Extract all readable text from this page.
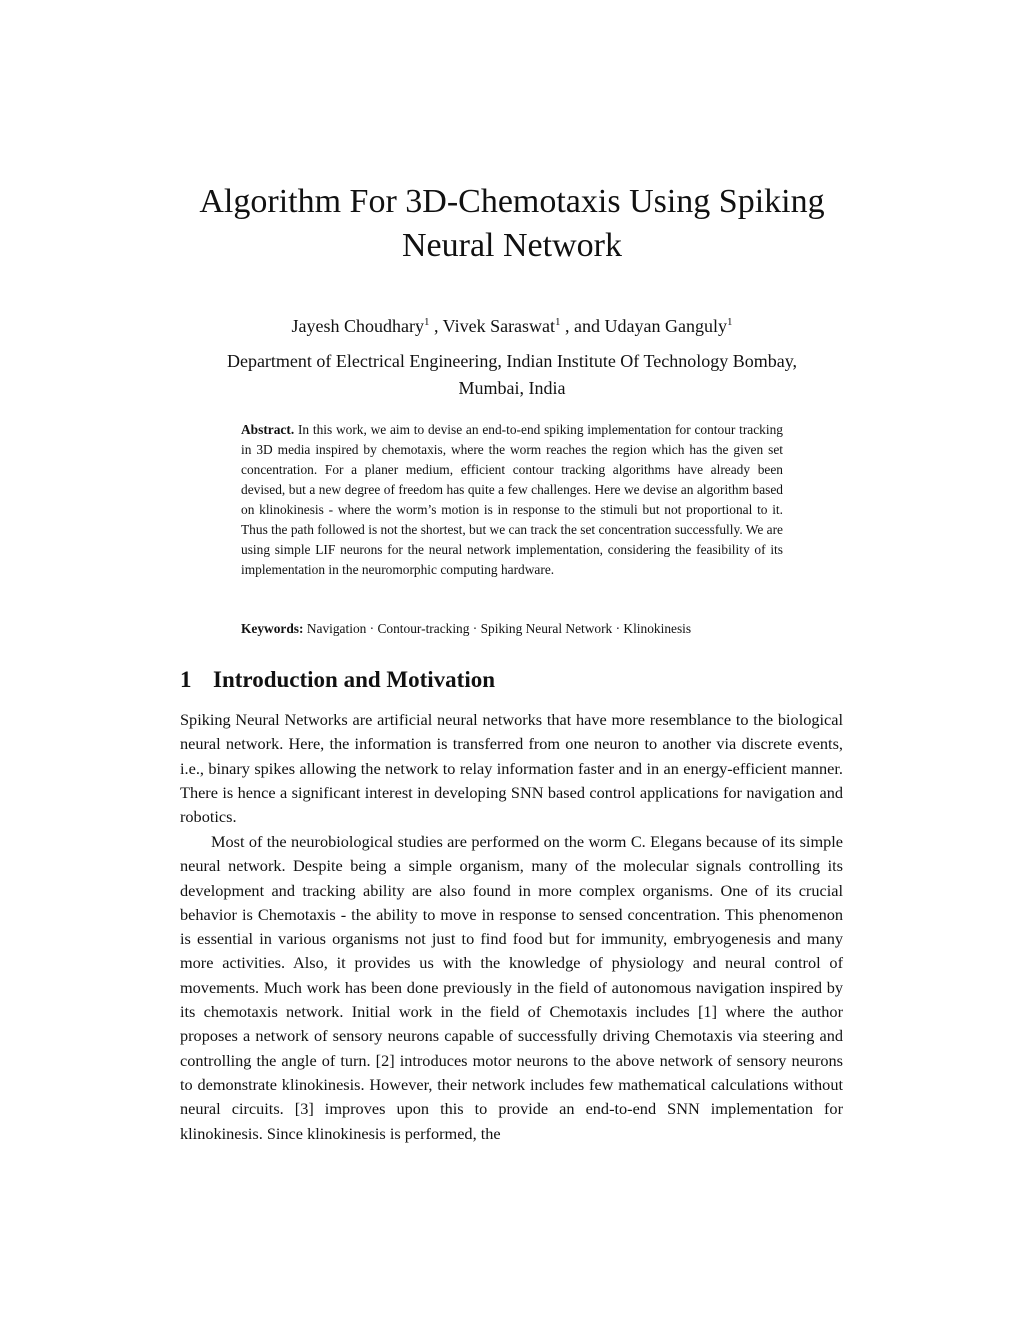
Algorithm For 3D-Chemotaxis Using Spiking
Neural Network
Jayesh Choudhary$^1$ , Vivek Saraswat$^1$ , and Udayan Ganguly$^1$
Department of Electrical Engineering, Indian Institute Of Technology Bombay,
Mumbai, India

Abstract. In this work, we aim to devise an end-to-end spiking implementation for contour tracking in 3D media inspired by chemotaxis, where the worm reaches the region which has the given set concentration. For a planer medium, efficient contour tracking algorithms have already been devised, but a new degree of freedom has quite a few challenges. Here we devise an algorithm based on klinokinesis - where the worm’s motion is in response to the stimuli but not proportional to it. Thus the path followed is not the shortest, but we can track the set concentration successfully. We are using simple LIF neurons for the neural network implementation, considering the feasibility of its implementation in the neuromorphic computing hardware.

Keywords: Navigation · Contour-tracking · Spiking Neural Network · Klinokinesis

1 Introduction and Motivation

Spiking Neural Networks are artificial neural networks that have more resemblance to the biological neural network. Here, the information is transferred from one neuron to another via discrete events, i.e., binary spikes allowing the network to relay information faster and in an energy-efficient manner. There is hence a significant interest in developing SNN based control applications for navigation and robotics.

Most of the neurobiological studies are performed on the worm C. Elegans because of its simple neural network. Despite being a simple organism, many of the molecular signals controlling its development and tracking ability are also found in more complex organisms. One of its crucial behavior is Chemotaxis - the ability to move in response to sensed concentration. This phenomenon is essential in various organisms not just to find food but for immunity, embryogenesis and many more activities. Also, it provides us with the knowledge of physiology and neural control of movements. Much work has been done previously in the field of autonomous navigation inspired by its chemotaxis network. Initial work in the field of Chemotaxis includes [1] where the author proposes a network of sensory neurons capable of successfully driving Chemotaxis via steering and controlling the angle of turn. [2] introduces motor neurons to the above network of sensory neurons to demonstrate klinokinesis. However, their network includes few mathematical calculations without neural circuits. [3] improves upon this to provide an end-to-end SNN implementation for klinokinesis. Since klinokinesis is performed, the
